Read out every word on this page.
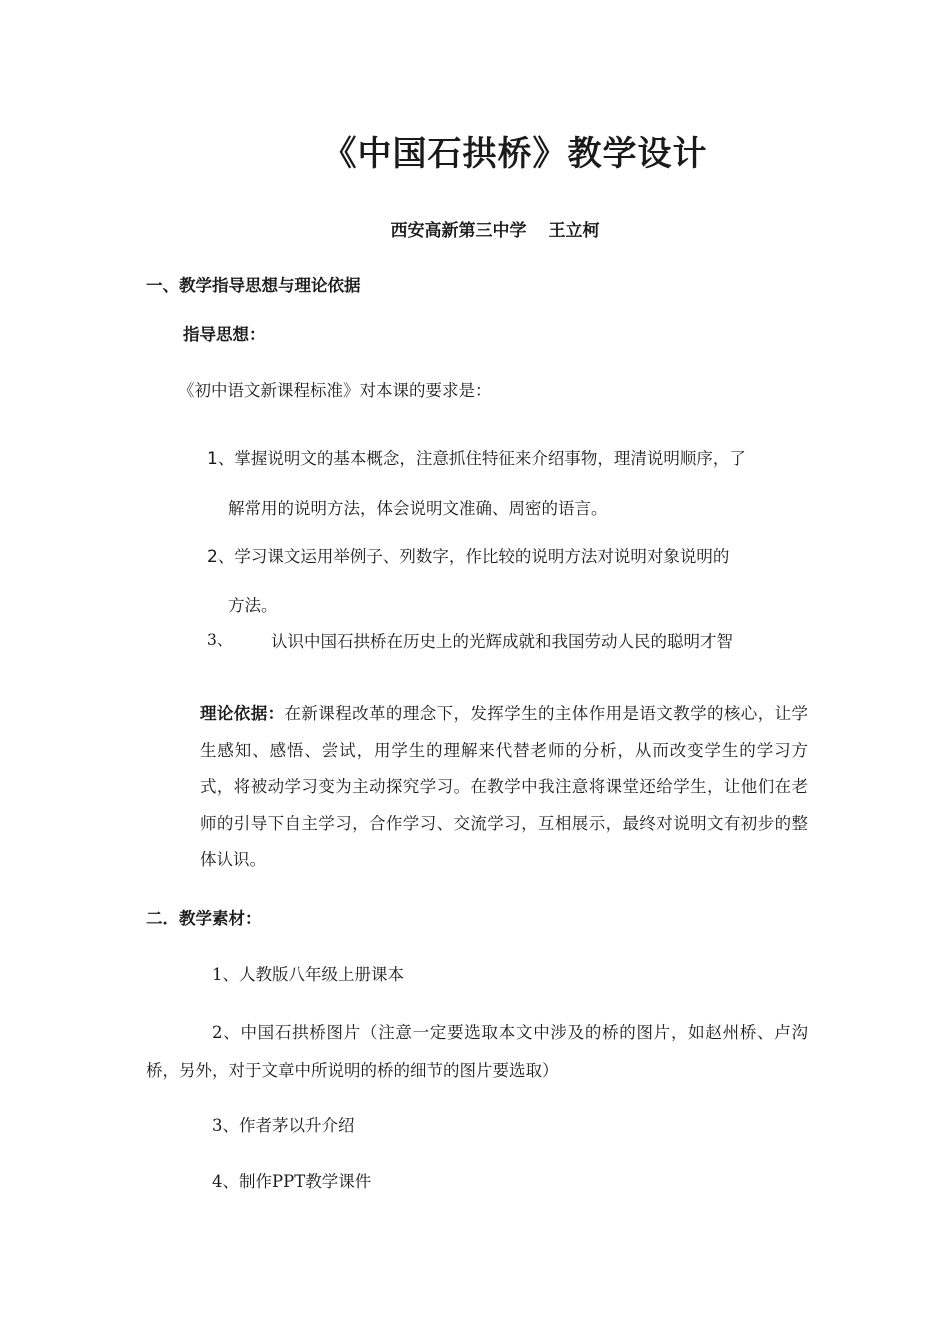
《中国石拱桥》教学设计
西安高新第三中学 王立柯
一、教学指导思想与理论依据
指导思想：
《初中语文新课程标准》对本课的要求是：
1、掌握说明文的基本概念，注意抓住特征来介绍事物，理清说明顺序，了
解常用的说明方法，体会说明文准确、周密的语言。
2、学习课文运用举例子、列数字，作比较的说明方法对说明对象说明的
方法。
3、 认识中国石拱桥在历史上的光辉成就和我国劳动人民的聪明才智

理论依据：在新课程改革的理念下，发挥学生的主体作用是语文教学的核心，让学生感知、感悟、尝试，用学生的理解来代替老师的分析，从而改变学生的学习方式，将被动学习变为主动探究学习。在教学中我注意将课堂还给学生，让他们在老师的引导下自主学习，合作学习、交流学习，互相展示，最终对说明文有初步的整体认识。

二．教学素材：
1、人教版八年级上册课本

2、中国石拱桥图片（注意一定要选取本文中涉及的桥的图片，如赵州桥、卢沟桥，另外，对于文章中所说明的桥的细节的图片要选取）

3、作者茅以升介绍
4、制作PPT教学课件
